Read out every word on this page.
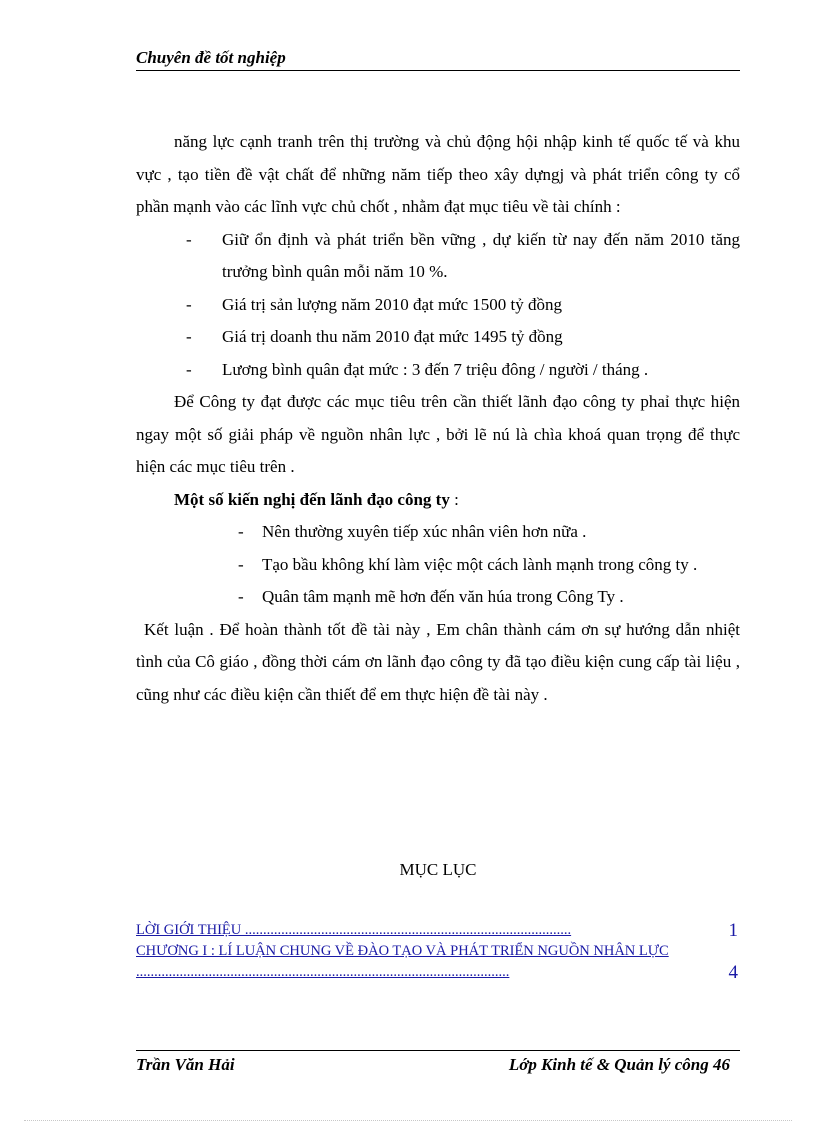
Chuyên đề tốt nghiệp

năng lực cạnh tranh trên thị trường và chủ động hội nhập kinh tế quốc tế và khu vực , tạo tiền đề vật chất để những năm tiếp theo xây dựngj và phát triển công ty cổ phần mạnh vào các lĩnh vực chủ chốt , nhằm đạt mục tiêu về tài chính :

- Giữ ổn định và phát triển bền vững , dự kiến từ nay đến năm 2010 tăng trưởng bình quân mỗi năm 10 %.

- Giá trị sản lượng năm 2010 đạt mức 1500 tỷ đồng

- Giá trị doanh thu năm 2010 đạt mức 1495 tỷ đồng

- Lương bình quân đạt mức : 3 đến 7 triệu đông / người / tháng .

Để Công ty đạt được các mục tiêu trên cần thiết lãnh đạo công ty phaỉ thực hiện ngay một số giải pháp về nguồn nhân lực , bởi lẽ nú là chìa khoá quan trọng để thực hiện các mục tiêu trên .

Một số kiến nghị đến lãnh đạo công ty :

- Nên thường xuyên tiếp xúc nhân viên hơn nữa .

- Tạo bầu không khí làm việc một cách lành mạnh trong công ty .

- Quân tâm mạnh mẽ hơn đến văn húa trong Công Ty .

Kết luận . Để hoàn thành tốt đề tài này , Em chân thành cám ơn sự hướng dẫn nhiệt tình của Cô giáo , đồng thời cám ơn lãnh đạo công ty đã tạo điều kiện cung cấp tài liệu , cũng như các điều kiện cần thiết để em thực hiện đề tài này .

MỤC LỤC
LỜI GIỚI THIỆU ..........................................................................................	1
CHƯƠNG I : LÍ LUẬN CHUNG VỀ ĐÀO TẠO VÀ PHÁT TRIỂN NGUỒN NHÂN LỰC .......................................................................................................	4
Trần Văn Hải	Lớp Kinh tế & Quản lý công 46
